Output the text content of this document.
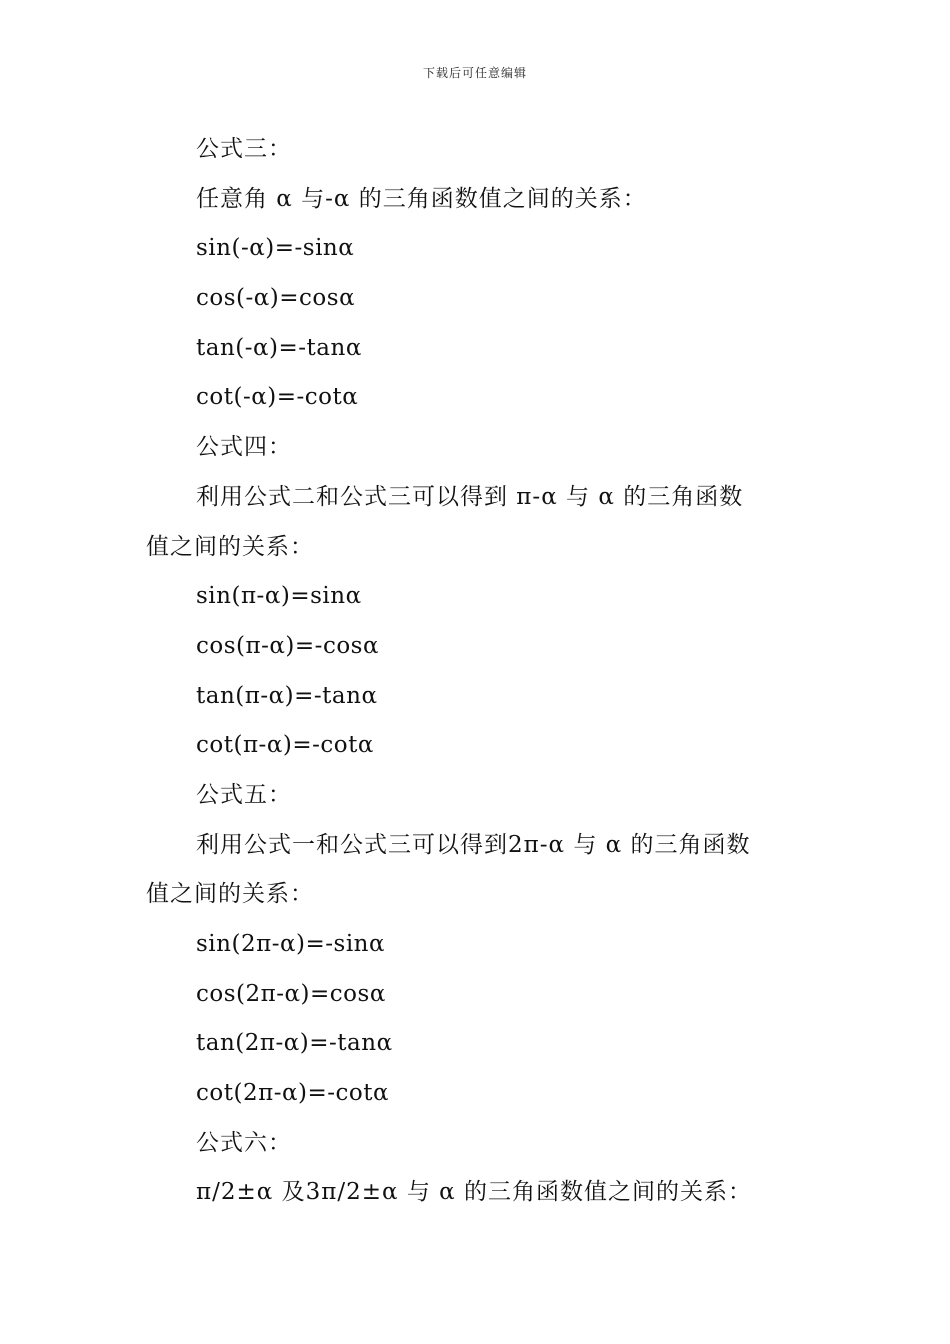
下载后可任意编辑
公式三：
任意角 α 与-α 的三角函数值之间的关系：
sin(-α)=-sinα
cos(-α)=cosα
tan(-α)=-tanα
cot(-α)=-cotα
公式四：
利用公式二和公式三可以得到 π-α 与 α 的三角函数
值之间的关系：
sin(π-α)=sinα
cos(π-α)=-cosα
tan(π-α)=-tanα
cot(π-α)=-cotα
公式五：
利用公式一和公式三可以得到2π-α 与 α 的三角函数
值之间的关系：
sin(2π-α)=-sinα
cos(2π-α)=cosα
tan(2π-α)=-tanα
cot(2π-α)=-cotα
公式六：
π/2±α 及3π/2±α 与 α 的三角函数值之间的关系：
